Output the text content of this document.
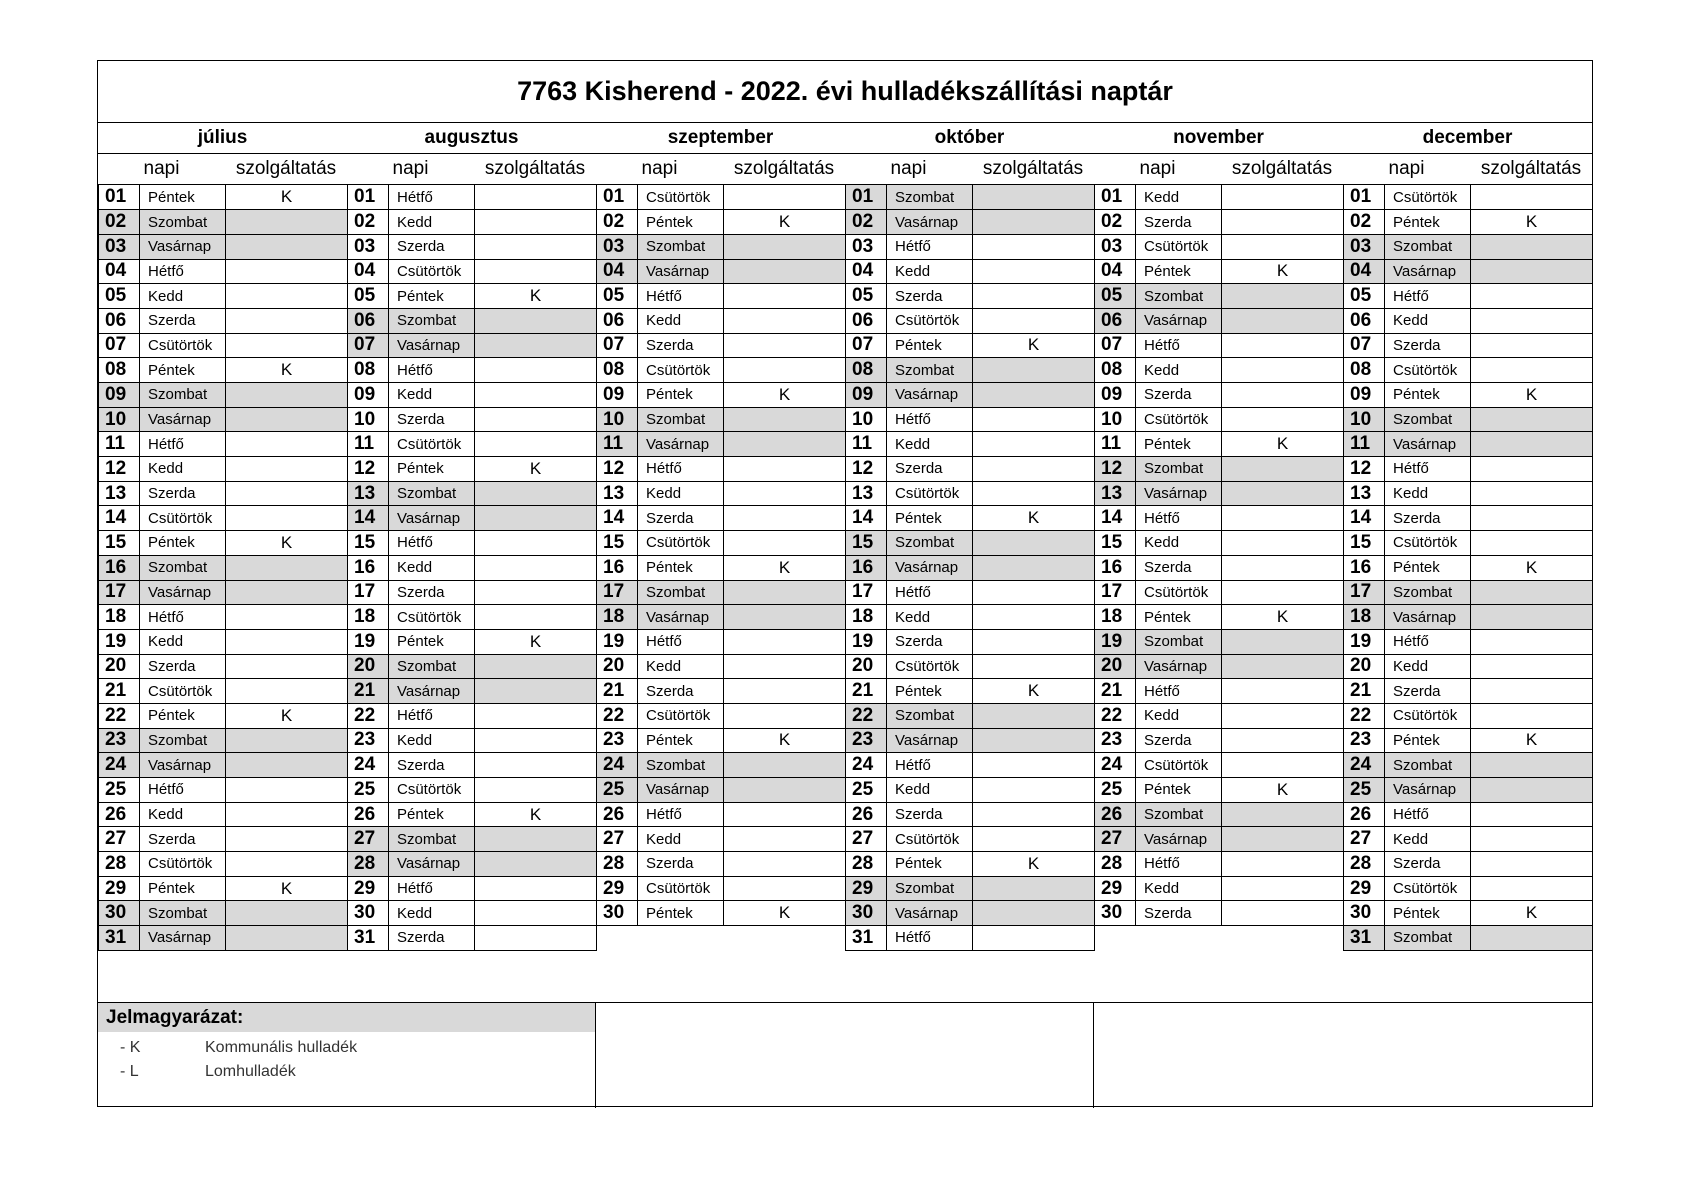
7763 Kisherend - 2022. évi hulladékszállítási naptár
július
napi	szolgáltatás
01	Péntek	K
02	Szombat	
03	Vasárnap	
04	Hétfő	
05	Kedd	
06	Szerda	
07	Csütörtök	
08	Péntek	K
09	Szombat	
10	Vasárnap	
11	Hétfő	
12	Kedd	
13	Szerda	
14	Csütörtök	
15	Péntek	K
16	Szombat	
17	Vasárnap	
18	Hétfő	
19	Kedd	
20	Szerda	
21	Csütörtök	
22	Péntek	K
23	Szombat	
24	Vasárnap	
25	Hétfő	
26	Kedd	
27	Szerda	
28	Csütörtök	
29	Péntek	K
30	Szombat	
31	Vasárnap	
augusztus
napi	szolgáltatás
01	Hétfő	
02	Kedd	
03	Szerda	
04	Csütörtök	
05	Péntek	K
06	Szombat	
07	Vasárnap	
08	Hétfő	
09	Kedd	
10	Szerda	
11	Csütörtök	
12	Péntek	K
13	Szombat	
14	Vasárnap	
15	Hétfő	
16	Kedd	
17	Szerda	
18	Csütörtök	
19	Péntek	K
20	Szombat	
21	Vasárnap	
22	Hétfő	
23	Kedd	
24	Szerda	
25	Csütörtök	
26	Péntek	K
27	Szombat	
28	Vasárnap	
29	Hétfő	
30	Kedd	
31	Szerda	
szeptember
napi	szolgáltatás
01	Csütörtök	
02	Péntek	K
03	Szombat	
04	Vasárnap	
05	Hétfő	
06	Kedd	
07	Szerda	
08	Csütörtök	
09	Péntek	K
10	Szombat	
11	Vasárnap	
12	Hétfő	
13	Kedd	
14	Szerda	
15	Csütörtök	
16	Péntek	K
17	Szombat	
18	Vasárnap	
19	Hétfő	
20	Kedd	
21	Szerda	
22	Csütörtök	
23	Péntek	K
24	Szombat	
25	Vasárnap	
26	Hétfő	
27	Kedd	
28	Szerda	
29	Csütörtök	
30	Péntek	K
október
napi	szolgáltatás
01	Szombat	
02	Vasárnap	
03	Hétfő	
04	Kedd	
05	Szerda	
06	Csütörtök	
07	Péntek	K
08	Szombat	
09	Vasárnap	
10	Hétfő	
11	Kedd	
12	Szerda	
13	Csütörtök	
14	Péntek	K
15	Szombat	
16	Vasárnap	
17	Hétfő	
18	Kedd	
19	Szerda	
20	Csütörtök	
21	Péntek	K
22	Szombat	
23	Vasárnap	
24	Hétfő	
25	Kedd	
26	Szerda	
27	Csütörtök	
28	Péntek	K
29	Szombat	
30	Vasárnap	
31	Hétfő	
november
napi	szolgáltatás
01	Kedd	
02	Szerda	
03	Csütörtök	
04	Péntek	K
05	Szombat	
06	Vasárnap	
07	Hétfő	
08	Kedd	
09	Szerda	
10	Csütörtök	
11	Péntek	K
12	Szombat	
13	Vasárnap	
14	Hétfő	
15	Kedd	
16	Szerda	
17	Csütörtök	
18	Péntek	K
19	Szombat	
20	Vasárnap	
21	Hétfő	
22	Kedd	
23	Szerda	
24	Csütörtök	
25	Péntek	K
26	Szombat	
27	Vasárnap	
28	Hétfő	
29	Kedd	
30	Szerda	
december
napi	szolgáltatás
01	Csütörtök	
02	Péntek	K
03	Szombat	
04	Vasárnap	
05	Hétfő	
06	Kedd	
07	Szerda	
08	Csütörtök	
09	Péntek	K
10	Szombat	
11	Vasárnap	
12	Hétfő	
13	Kedd	
14	Szerda	
15	Csütörtök	
16	Péntek	K
17	Szombat	
18	Vasárnap	
19	Hétfő	
20	Kedd	
21	Szerda	
22	Csütörtök	
23	Péntek	K
24	Szombat	
25	Vasárnap	
26	Hétfő	
27	Kedd	
28	Szerda	
29	Csütörtök	
30	Péntek	K
31	Szombat	
Jelmagyarázat:
- K	Kommunális hulladék
- L	Lomhulladék
